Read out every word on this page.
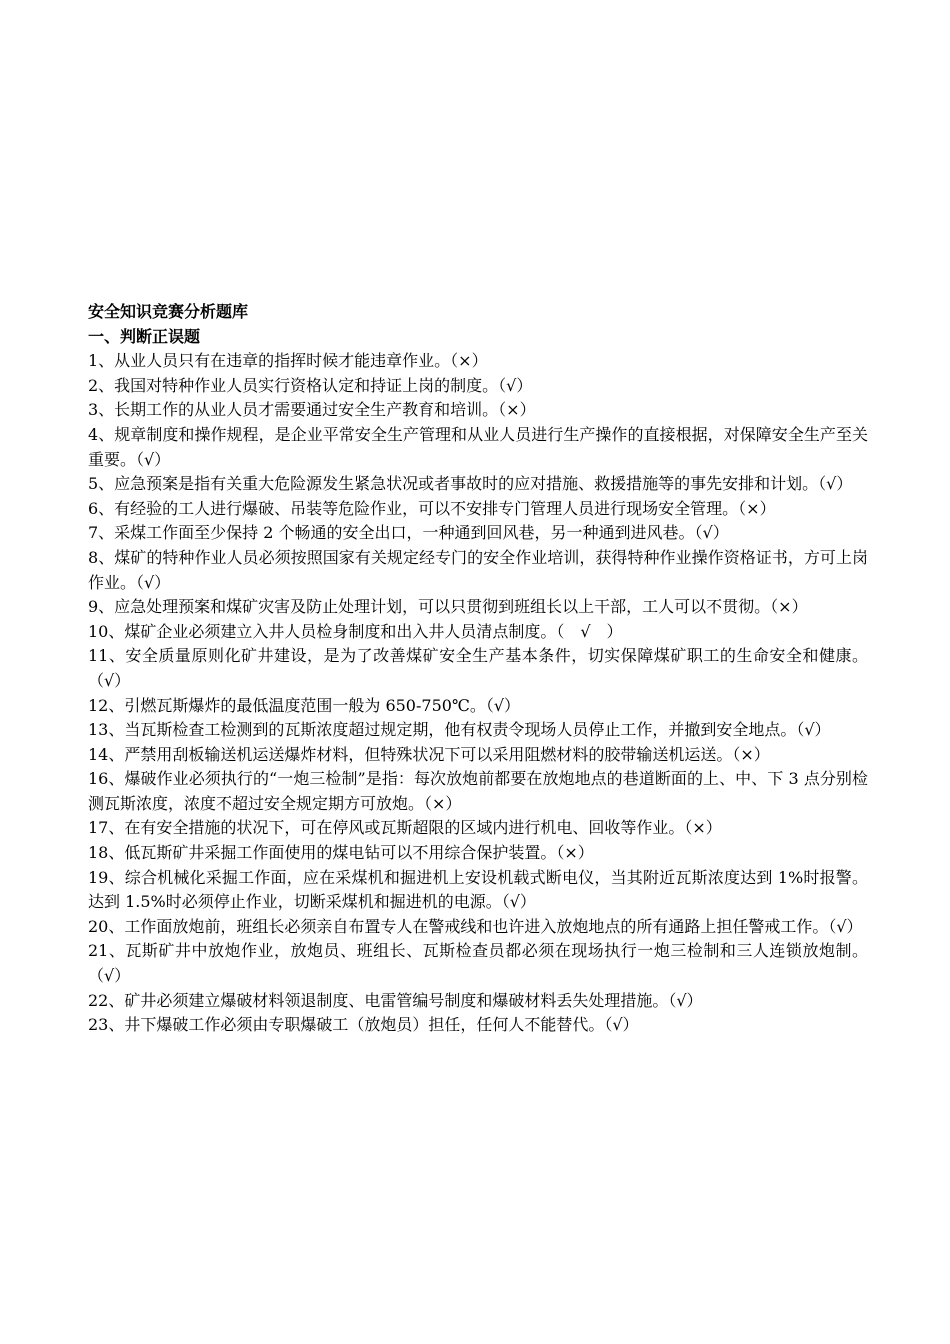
安全知识竞赛分析题库
一、判断正误题

1、从业人员只有在违章的指挥时候才能违章作业。（×）

2、我国对特种作业人员实行资格认定和持证上岗的制度。（√）

3、长期工作的从业人员才需要通过安全生产教育和培训。（×）

4、规章制度和操作规程，是企业平常安全生产管理和从业人员进行生产操作的直接根据，对保障安全生产至关重要。（√）

5、应急预案是指有关重大危险源发生紧急状况或者事故时的应对措施、救援措施等的事先安排和计划。（√）

6、有经验的工人进行爆破、吊装等危险作业，可以不安排专门管理人员进行现场安全管理。（×）

7、采煤工作面至少保持 2 个畅通的安全出口，一种通到回风巷，另一种通到进风巷。（√）

8、煤矿的特种作业人员必须按照国家有关规定经专门的安全作业培训，获得特种作业操作资格证书，方可上岗作业。（√）

9、应急处理预案和煤矿灾害及防止处理计划，可以只贯彻到班组长以上干部，工人可以不贯彻。（×）

10、煤矿企业必须建立入井人员检身制度和出入井人员清点制度。（　√　）

11、安全质量原则化矿井建设，是为了改善煤矿安全生产基本条件，切实保障煤矿职工的生命安全和健康。（√）

12、引燃瓦斯爆炸的最低温度范围一般为 650-750℃。（√）

13、当瓦斯检查工检测到的瓦斯浓度超过规定期，他有权责令现场人员停止工作，并撤到安全地点。（√）

14、严禁用刮板输送机运送爆炸材料，但特殊状况下可以采用阻燃材料的胶带输送机运送。（×）

16、爆破作业必须执行的“一炮三检制”是指：每次放炮前都要在放炮地点的巷道断面的上、中、下 3 点分别检测瓦斯浓度，浓度不超过安全规定期方可放炮。（×）

17、在有安全措施的状况下，可在停风或瓦斯超限的区域内进行机电、回收等作业。（×）

18、低瓦斯矿井采掘工作面使用的煤电钻可以不用综合保护装置。（×）

19、综合机械化采掘工作面，应在采煤机和掘进机上安设机载式断电仪，当其附近瓦斯浓度达到 1%时报警。达到 1.5%时必须停止作业，切断采煤机和掘进机的电源。（√）

20、工作面放炮前，班组长必须亲自布置专人在警戒线和也许进入放炮地点的所有通路上担任警戒工作。（√）

21、瓦斯矿井中放炮作业，放炮员、班组长、瓦斯检查员都必须在现场执行一炮三检制和三人连锁放炮制。（√）

22、矿井必须建立爆破材料领退制度、电雷管编号制度和爆破材料丢失处理措施。（√）

23、井下爆破工作必须由专职爆破工（放炮员）担任，任何人不能替代。（√）
